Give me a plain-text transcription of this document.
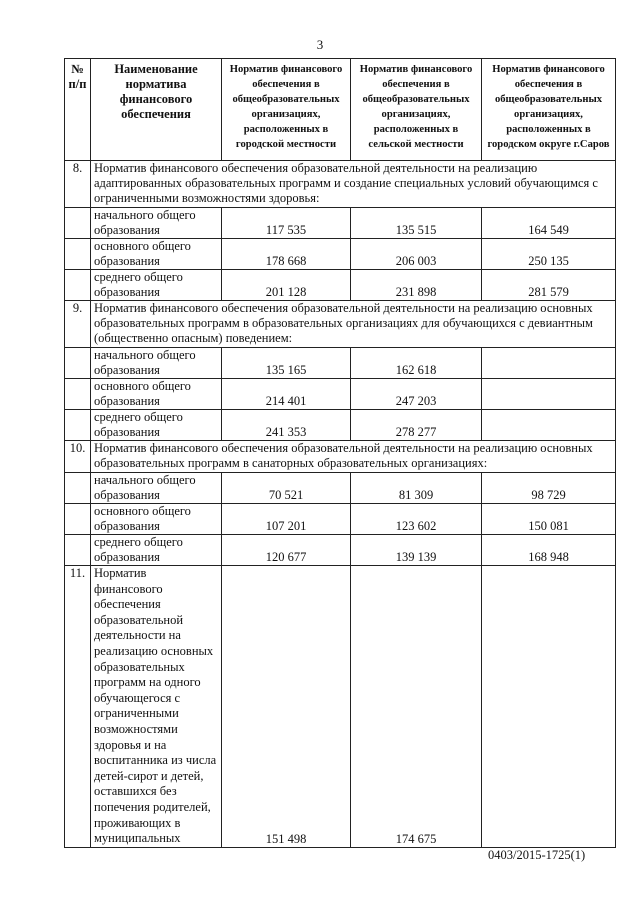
3
№ п/п	Наименование норматива финансового обеспечения	Норматив финансового обеспечения в общеобразовательных организациях, расположенных в городской местности	Норматив финансового обеспечения в общеобразовательных организациях, расположенных в сельской местности	Норматив финансового обеспечения в общеобразовательных организациях, расположенных в городском округе г.Саров
8.	Норматив финансового обеспечения образовательной деятельности на реализацию адаптированных образовательных программ и создание специальных условий обучающимся с ограниченными возможностями здоровья:			
	начального общего образования	117 535	135 515	164 549
	основного общего образования	178 668	206 003	250 135
	среднего общего образования	201 128	231 898	281 579
9.	Норматив финансового обеспечения образовательной деятельности на реализацию основных образовательных программ в образовательных организациях для обучающихся с девиантным (общественно опасным) поведением:			
	начального общего образования	135 165	162 618	
	основного общего образования	214 401	247 203	
	среднего общего образования	241 353	278 277	
10.	Норматив финансового обеспечения образовательной деятельности на реализацию основных образовательных программ в санаторных образовательных организациях:			
	начального общего образования	70 521	81 309	98 729
	основного общего образования	107 201	123 602	150 081
	среднего общего образования	120 677	139 139	168 948
11.	Норматив финансового обеспечения образовательной деятельности на реализацию основных образовательных программ на одного обучающегося с ограниченными возможностями здоровья и на воспитанника из числа детей-сирот и детей, оставшихся без попечения родителей, проживающих в муниципальных	151 498	174 675	
0403/2015-1725(1)
